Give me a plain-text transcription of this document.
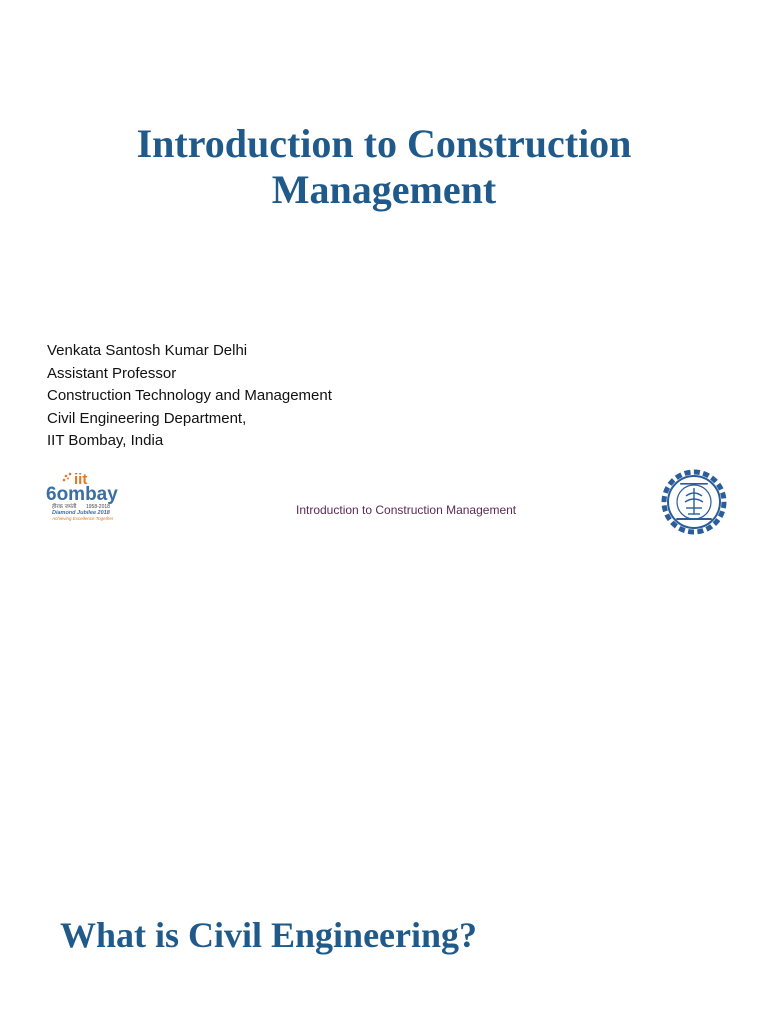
Introduction to Construction
Management
Venkata Santosh Kumar Delhi
Assistant Professor
Construction Technology and Management
Civil Engineering Department,
IIT Bombay, India
iit
6ombay
हीरक जयंती 1958-2018
Diamond Jubilee 2018
Achieving Excellence Together
Introduction to Construction Management
What is Civil Engineering?
